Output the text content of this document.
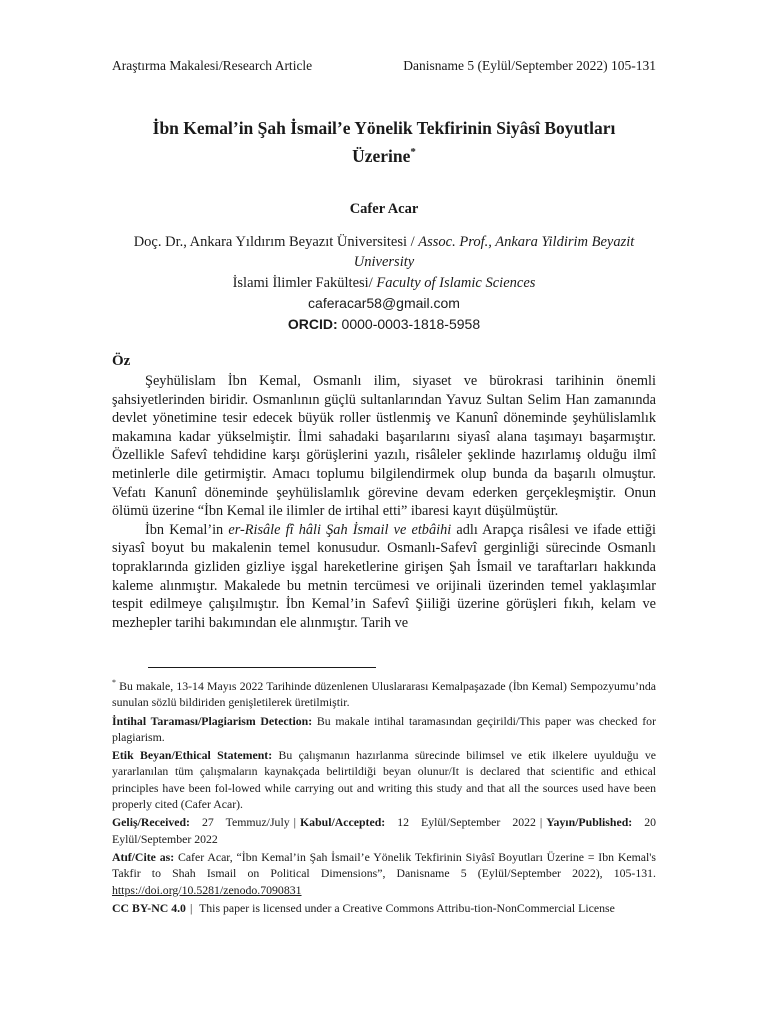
Araştırma Makalesi/Research Article	Danisname 5 (Eylül/September 2022) 105-131
İbn Kemal’in Şah İsmail’e Yönelik Tekfirinin Siyâsî Boyutları
Üzerine*
Cafer Acar

Doç. Dr., Ankara Yıldırım Beyazıt Üniversitesi / Assoc. Prof., Ankara Yildirim Beyazit University

İslami İlimler Fakültesi/ Faculty of Islamic Sciences

caferacar58@gmail.com

ORCID: 0000-0003-1818-5958

Öz

Şeyhülislam İbn Kemal, Osmanlı ilim, siyaset ve bürokrasi tarihinin önemli şahsiyetlerinden biridir. Osmanlının güçlü sultanlarından Yavuz Sultan Selim Han zamanında devlet yönetimine tesir edecek büyük roller üstlenmiş ve Kanunî döneminde şeyhülislamlık makamına kadar yükselmiştir. İlmi sahadaki başarılarını siyasî alana taşımayı başarmıştır. Özellikle Safevî tehdidine karşı görüşlerini yazılı, risâleler şeklinde hazırlamış olduğu ilmî metinlerle dile getirmiştir. Amacı toplumu bilgilendirmek olup bunda da başarılı olmuştur. Vefatı Kanunî döneminde şeyhülislamlık görevine devam ederken gerçekleşmiştir. Onun ölümü üzerine “İbn Kemal ile ilimler de irtihal etti” ibaresi kayıt düşülmüştür.

İbn Kemal’in er-Risâle fî hâli Şah İsmail ve etbâihi adlı Arapça risâlesi ve ifade ettiği siyasî boyut bu makalenin temel konusudur. Osmanlı-Safevî gerginliği sürecinde Osmanlı topraklarında gizliden gizliye işgal hareketlerine girişen Şah İsmail ve taraftarları hakkında kaleme alınmıştır. Makalede bu metnin tercümesi ve orijinali üzerinden temel yaklaşımlar tespit edilmeye çalışılmıştır. İbn Kemal’in Safevî Şiiliği üzerine görüşleri fıkıh, kelam ve mezhepler tarihi bakımından ele alınmıştır. Tarih ve

* Bu makale, 13-14 Mayıs 2022 Tarihinde düzenlenen Uluslararası Kemalpaşazade (İbn Kemal) Sempozyumu’nda sunulan sözlü bildiriden genişletilerek üretilmiştir.

İntihal Taraması/Plagiarism Detection: Bu makale intihal taramasından geçirildi/This paper was checked for plagiarism.

Etik Beyan/Ethical Statement: Bu çalışmanın hazırlanma sürecinde bilimsel ve etik ilkelere uyulduğu ve yararlanılan tüm çalışmaların kaynakçada belirtildiği beyan olunur/It is declared that scientific and ethical principles have been fol-lowed while carrying out and writing this study and that all the sources used have been properly cited (Cafer Acar).

Geliş/Received: 27 Temmuz/July | Kabul/Accepted: 12 Eylül/September 2022 | Yayın/Published: 20 Eylül/September 2022

Atıf/Cite as: Cafer Acar, “İbn Kemal’in Şah İsmail’e Yönelik Tekfirinin Siyâsî Boyutları Üzerine = Ibn Kemal's Takfir to Shah Ismail on Political Dimensions”, Danisname 5 (Eylül/September 2022), 105-131. https://doi.org/10.5281/zenodo.7090831

CC BY-NC 4.0 | This paper is licensed under a Creative Commons Attribu-tion-NonCommercial License
